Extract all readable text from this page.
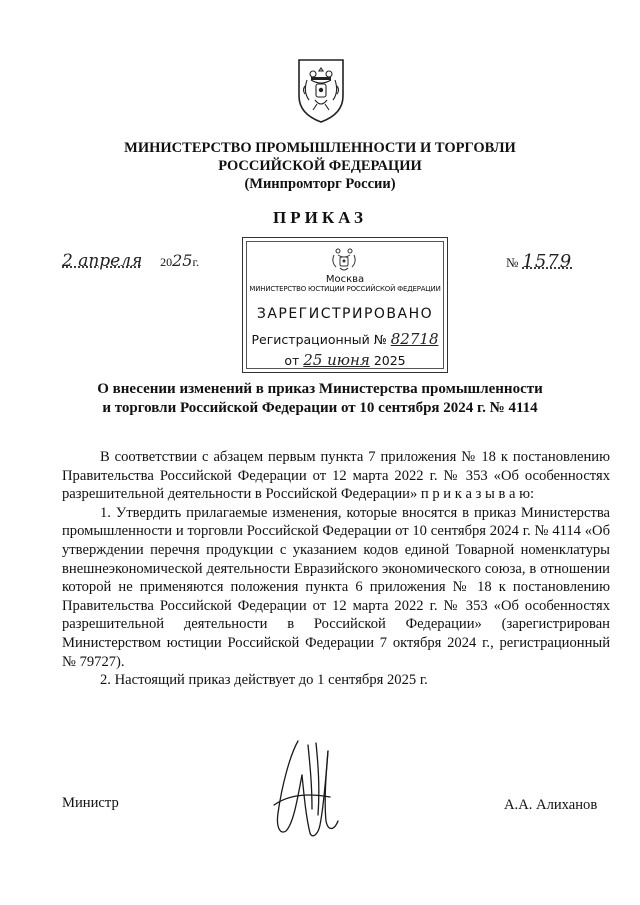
МИНИСТЕРСТВО ПРОМЫШЛЕННОСТИ И ТОРГОВЛИ
РОССИЙСКОЙ ФЕДЕРАЦИИ
(Минпромторг России)
ПРИКАЗ
2 апреля 2025г.	№ 1579
Москва
МИНИСТЕРСТВО ЮСТИЦИИ РОССИЙСКОЙ ФЕДЕРАЦИИ
ЗАРЕГИСТРИРОВАНО
Регистрационный № 82718
от 25 июня 2025
О внесении изменений в приказ Министерства промышленности
и торговли Российской Федерации от 10 сентября 2024 г. № 4114

В соответствии с абзацем первым пункта 7 приложения № 18 к постановлению Правительства Российской Федерации от 12 марта 2022 г. № 353 «Об особенностях разрешительной деятельности в Российской Федерации» п р и к а з ы в а ю:

1. Утвердить прилагаемые изменения, которые вносятся в приказ Министерства промышленности и торговли Российской Федерации от 10 сентября 2024 г. № 4114 «Об утверждении перечня продукции с указанием кодов единой Товарной номенклатуры внешнеэкономической деятельности Евразийского экономического союза, в отношении которой не применяются положения пункта 6 приложения № 18 к постановлению Правительства Российской Федерации от 12 марта 2022 г. № 353 «Об особенностях разрешительной деятельности в Российской Федерации» (зарегистрирован Министерством юстиции Российской Федерации 7 октября 2024 г., регистрационный № 79727).

2. Настоящий приказ действует до 1 сентября 2025 г.

Министр	А.А. Алиханов
